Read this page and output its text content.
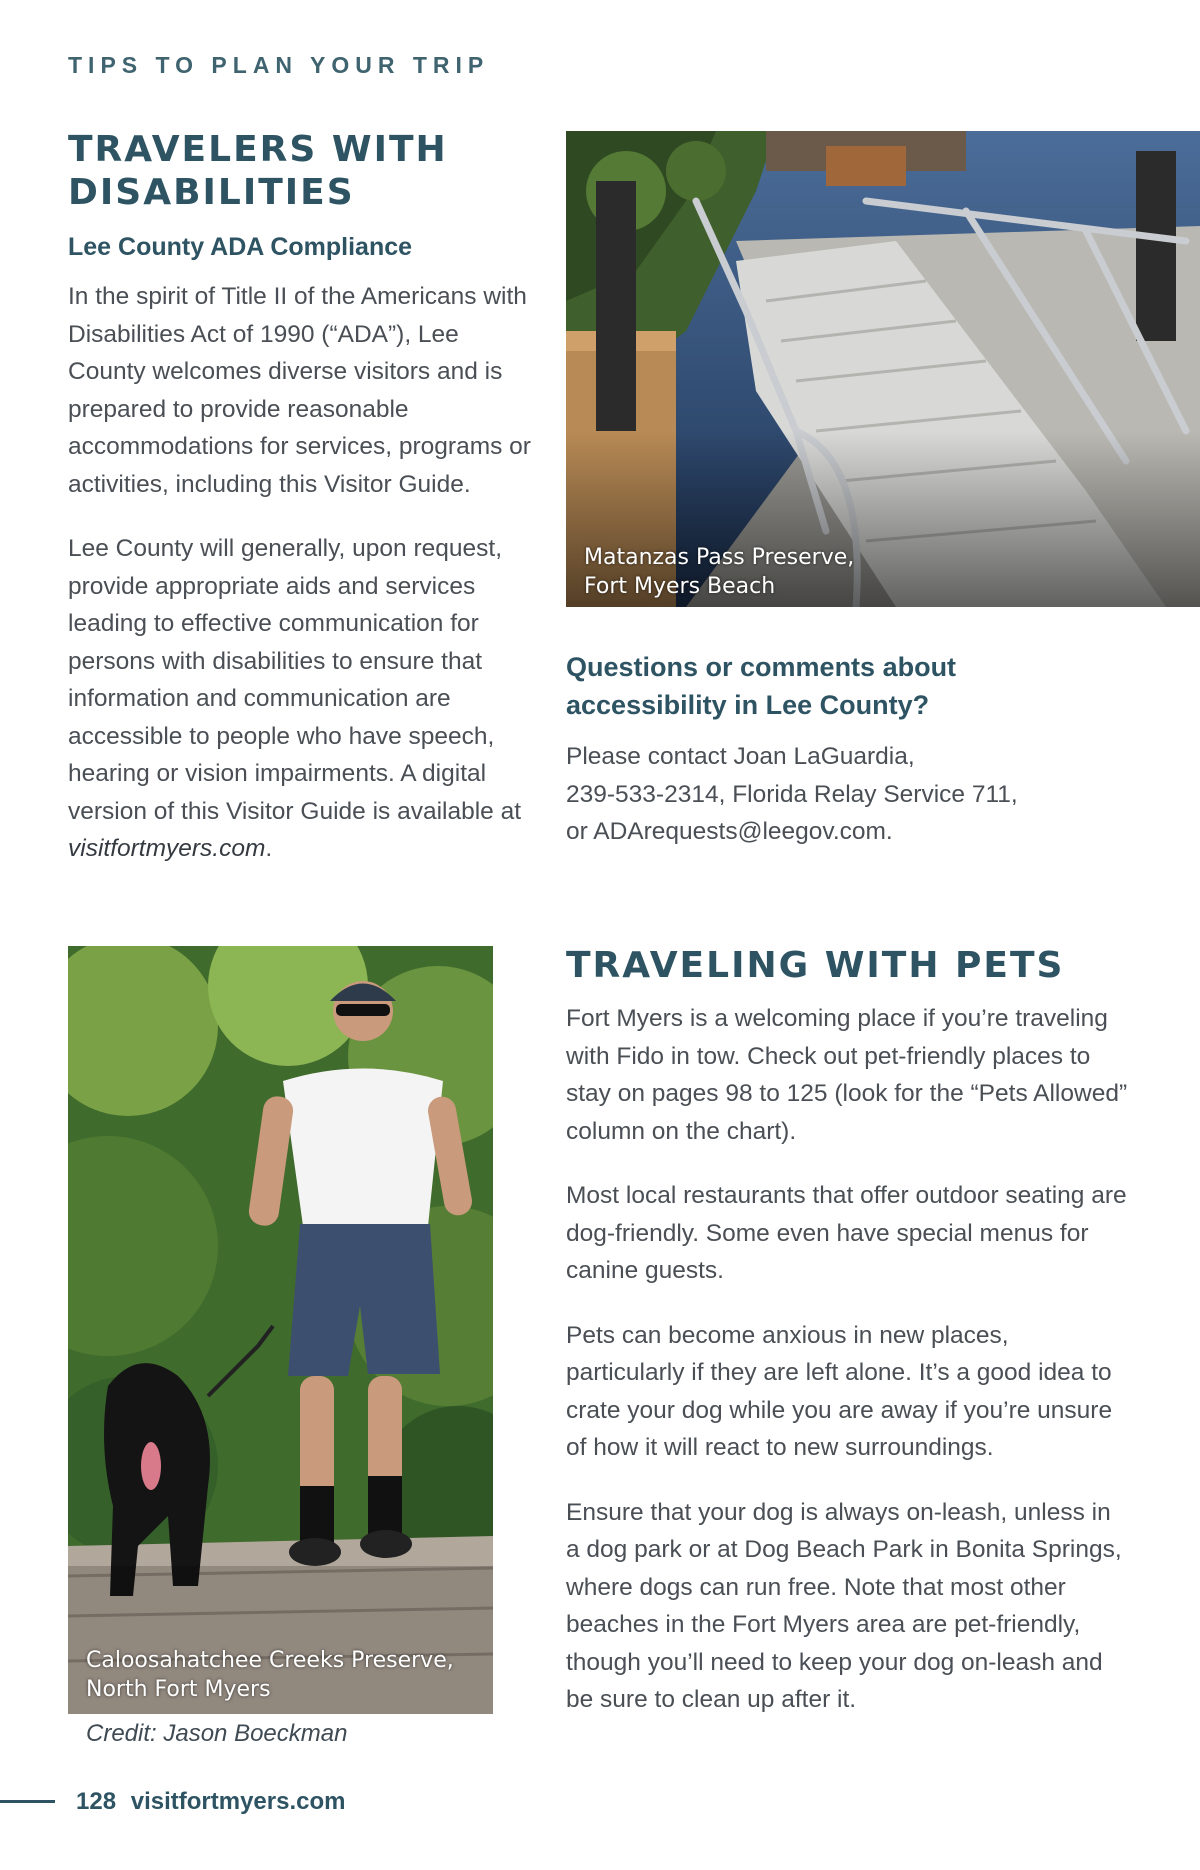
TIPS TO PLAN YOUR TRIP
TRAVELERS WITH
DISABILITIES
Lee County ADA Compliance

In the spirit of Title II of the Americans with Disabilities Act of 1990 (“ADA”), Lee County welcomes diverse visitors and is prepared to provide reasonable accommodations for services, programs or activities, including this Visitor Guide.

Lee County will generally, upon request, provide appropriate aids and services leading to effective communication for persons with disabilities to ensure that information and communication are accessible to people who have speech, hearing or vision impairments. A digital version of this Visitor Guide is available at visitfortmyers.com.

Matanzas Pass Preserve,
Fort Myers Beach
Questions or comments about
accessibility in Lee County?
Please contact Joan LaGuardia,
239-533-2314, Florida Relay Service 711,
or ADArequests@leegov.com.
Caloosahatchee Creeks Preserve,
North Fort Myers
Credit: Jason Boeckman
TRAVELING WITH PETS

Fort Myers is a welcoming place if you’re traveling with Fido in tow. Check out pet-friendly places to stay on pages 98 to 125 (look for the “Pets Allowed” column on the chart).

Most local restaurants that offer outdoor seating are dog-friendly. Some even have special menus for canine guests.

Pets can become anxious in new places, particularly if they are left alone. It’s a good idea to crate your dog while you are away if you’re unsure of how it will react to new surroundings.

Ensure that your dog is always on-leash, unless in a dog park or at Dog Beach Park in Bonita Springs, where dogs can run free. Note that most other beaches in the Fort Myers area are pet-friendly, though you’ll need to keep your dog on-leash and be sure to clean up after it.

128 visitfortmyers.com
